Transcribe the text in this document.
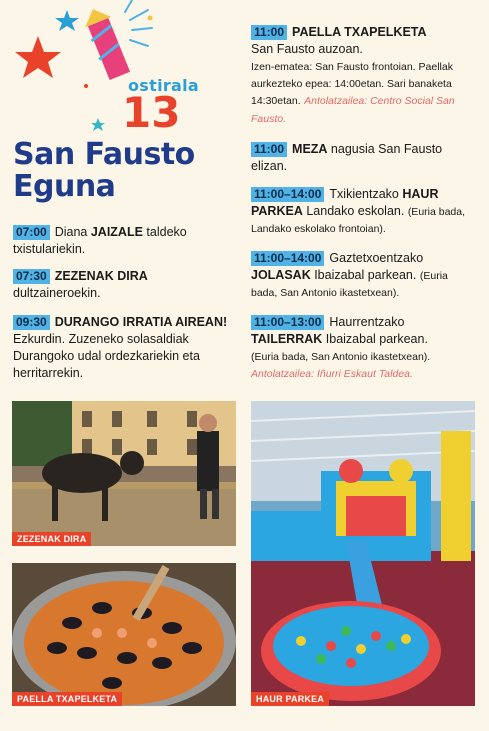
ostirala
13
San Fausto
Eguna
07:00 Diana JAIZALE taldeko txistulariekin.
07:30 ZEZENAK DIRA dultzaineroekin.
09:30 DURANGO IRRATIA AIREAN! Ezkurdin. Zuzeneko solasaldiak Durangoko udal ordezkariekin eta herritarrekin.
11:00 PAELLA TXAPELKETA
San Fausto auzoan.
Izen-ematea: San Fausto frontoian. Paellak aurkezteko epea: 14:00etan. Sari banaketa 14:30etan. Antolatzailea: Centro Social San Fausto.
11:00 MEZA nagusia San Fausto elizan.
11:00–14:00 Txikientzako HAUR PARKEA Landako eskolan. (Euria bada, Landako eskolako frontoian).
11:00–14:00 Gaztetxoentzako JOLASAK Ibaizabal parkean. (Euria bada, San Antonio ikastetxean).
11:00–13:00 Haurrentzako TAILERRAK Ibaizabal parkean.
(Euria bada, San Antonio ikastetxean).
Antolatzailea: Iñurri Eskaut Taldea.
ZEZENAK DIRA
PAELLA TXAPELKETA	HAUR PARKEA
